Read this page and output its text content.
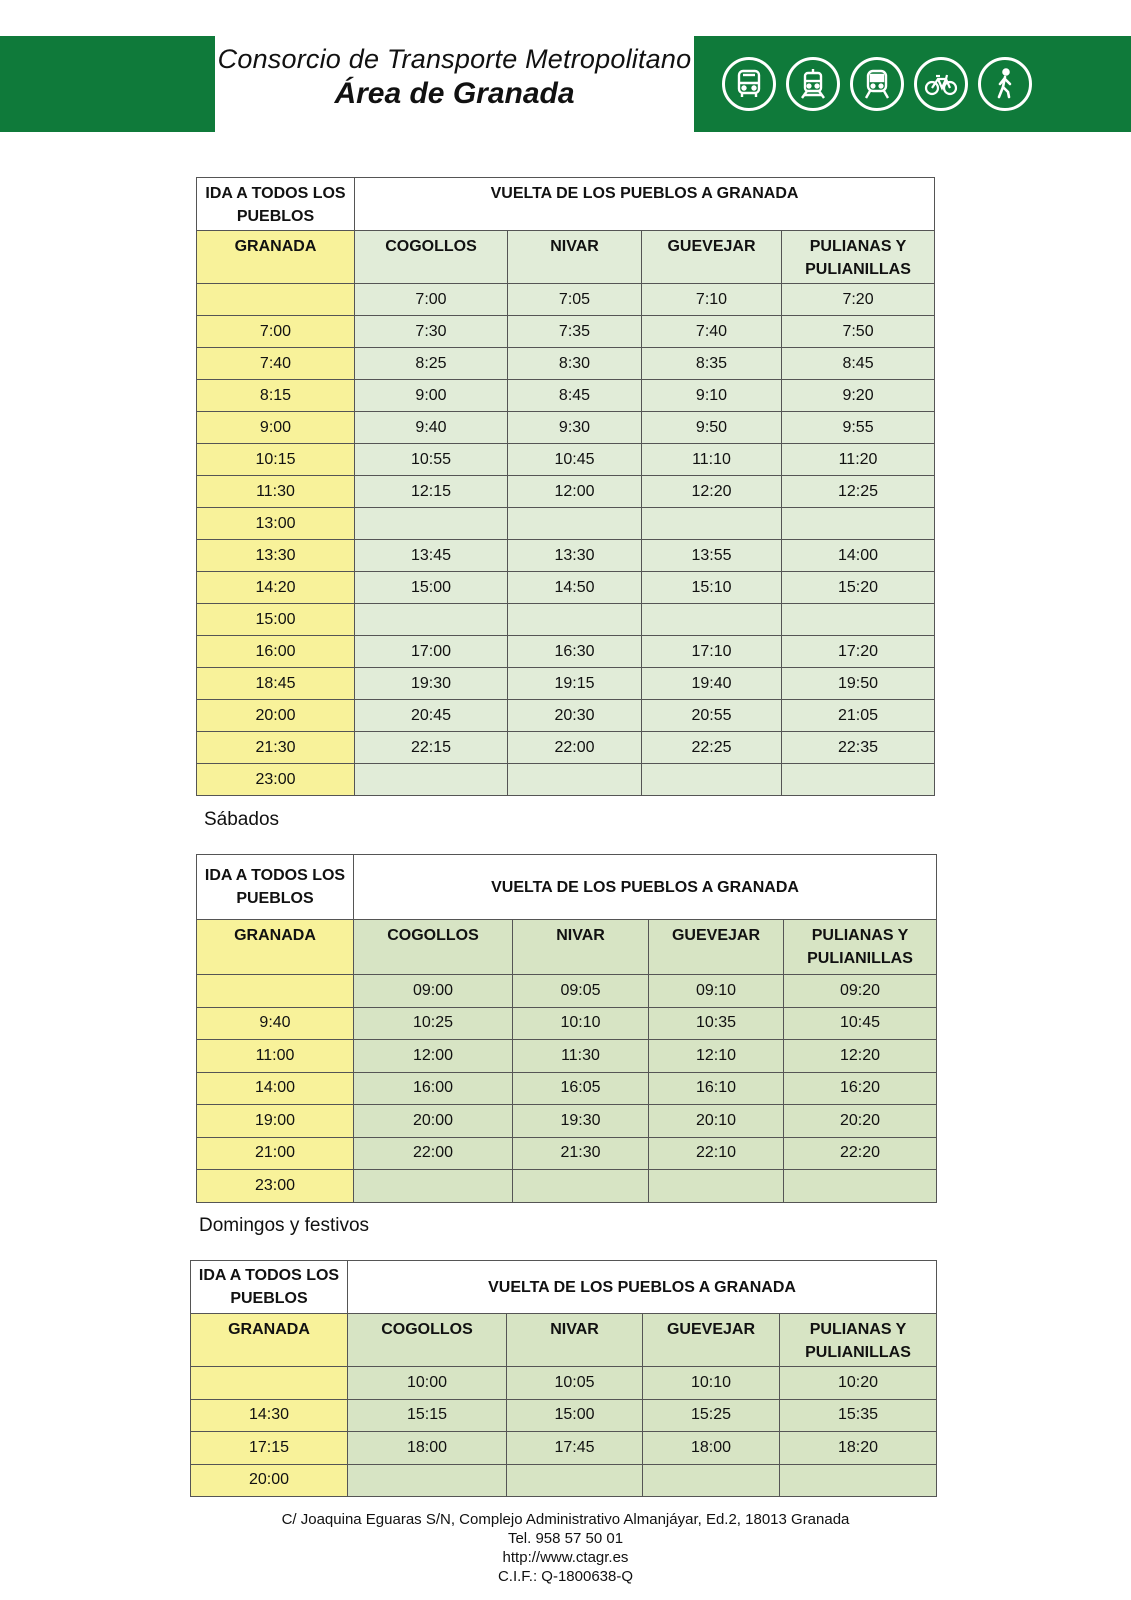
Consorcio de Transporte Metropolitano
Área de Granada
IDA A TODOS LOS PUEBLOS	VUELTA DE LOS PUEBLOS A GRANADA			
GRANADA	COGOLLOS	NIVAR	GUEVEJAR	PULIANAS Y PULIANILLAS
	7:00	7:05	7:10	7:20
7:00	7:30	7:35	7:40	7:50
7:40	8:25	8:30	8:35	8:45
8:15	9:00	8:45	9:10	9:20
9:00	9:40	9:30	9:50	9:55
10:15	10:55	10:45	11:10	11:20
11:30	12:15	12:00	12:20	12:25
13:00				
13:30	13:45	13:30	13:55	14:00
14:20	15:00	14:50	15:10	15:20
15:00				
16:00	17:00	16:30	17:10	17:20
18:45	19:30	19:15	19:40	19:50
20:00	20:45	20:30	20:55	21:05
21:30	22:15	22:00	22:25	22:35
23:00				
Sábados
IDA A TODOS LOS PUEBLOS	VUELTA DE LOS PUEBLOS A GRANADA			
GRANADA	COGOLLOS	NIVAR	GUEVEJAR	PULIANAS Y PULIANILLAS
	09:00	09:05	09:10	09:20
9:40	10:25	10:10	10:35	10:45
11:00	12:00	11:30	12:10	12:20
14:00	16:00	16:05	16:10	16:20
19:00	20:00	19:30	20:10	20:20
21:00	22:00	21:30	22:10	22:20
23:00				
Domingos y festivos
IDA A TODOS LOS PUEBLOS	VUELTA DE LOS PUEBLOS A GRANADA			
GRANADA	COGOLLOS	NIVAR	GUEVEJAR	PULIANAS Y PULIANILLAS
	10:00	10:05	10:10	10:20
14:30	15:15	15:00	15:25	15:35
17:15	18:00	17:45	18:00	18:20
20:00				
C/ Joaquina Eguaras S/N, Complejo Administrativo Almanjáyar, Ed.2, 18013 Granada
Tel. 958 57 50 01
http://www.ctagr.es
C.I.F.: Q-1800638-Q
